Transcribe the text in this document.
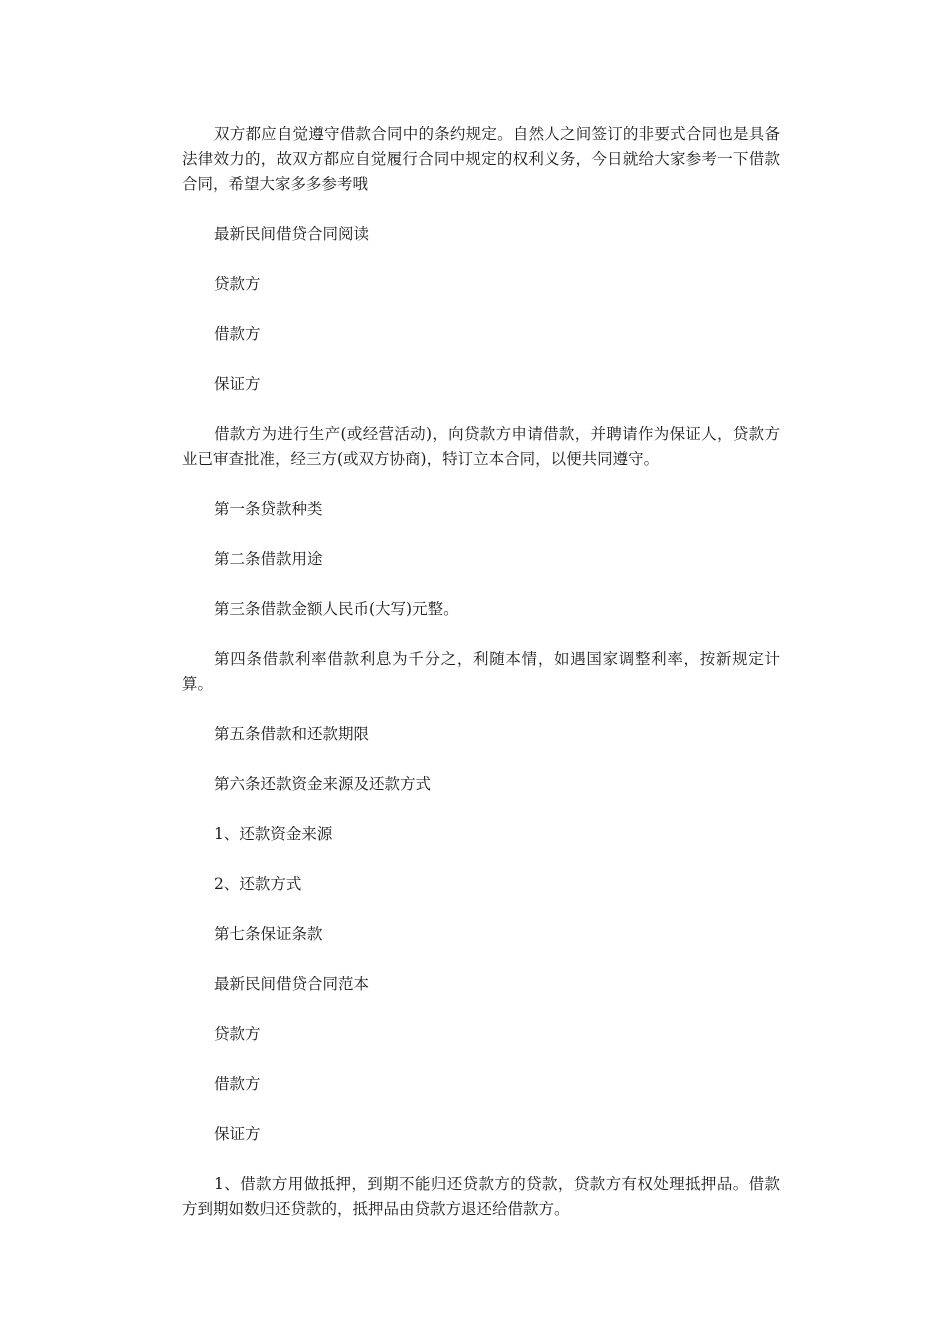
双方都应自觉遵守借款合同中的条约规定。自然人之间签订的非要式合同也是具备法律效力的，故双方都应自觉履行合同中规定的权利义务，今日就给大家参考一下借款合同，希望大家多多参考哦

最新民间借贷合同阅读

贷款方

借款方

保证方

借款方为进行生产(或经营活动)，向贷款方申请借款，并聘请作为保证人，贷款方业已审查批准，经三方(或双方协商)，特订立本合同，以便共同遵守。

第一条贷款种类

第二条借款用途

第三条借款金额人民币(大写)元整。

第四条借款利率借款利息为千分之，利随本情，如遇国家调整利率，按新规定计算。

第五条借款和还款期限

第六条还款资金来源及还款方式

1、还款资金来源

2、还款方式

第七条保证条款

最新民间借贷合同范本

贷款方

借款方

保证方

1、借款方用做抵押，到期不能归还贷款方的贷款，贷款方有权处理抵押品。借款方到期如数归还贷款的，抵押品由贷款方退还给借款方。
